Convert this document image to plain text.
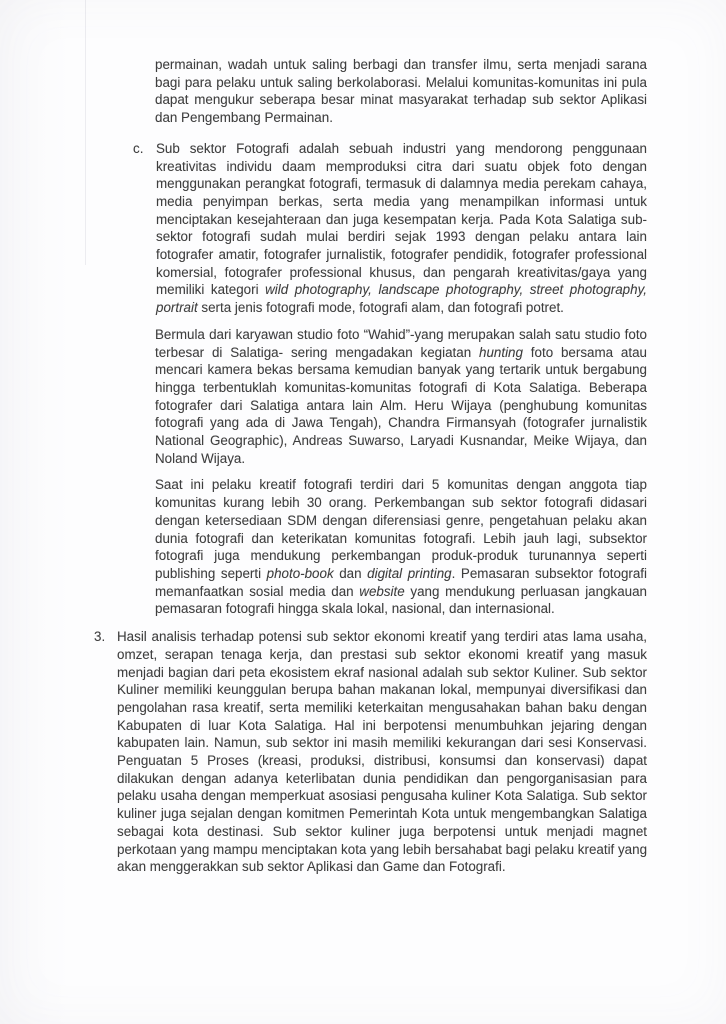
permainan, wadah untuk saling berbagi dan transfer ilmu, serta menjadi sarana bagi para pelaku untuk saling berkolaborasi. Melalui komunitas-komunitas ini pula dapat mengukur seberapa besar minat masyarakat terhadap sub sektor Aplikasi dan Pengembang Permainan.

c. Sub sektor Fotografi adalah sebuah industri yang mendorong penggunaan kreativitas individu daam memproduksi citra dari suatu objek foto dengan menggunakan perangkat fotografi, termasuk di dalamnya media perekam cahaya, media penyimpan berkas, serta media yang menampilkan informasi untuk menciptakan kesejahteraan dan juga kesempatan kerja. Pada Kota Salatiga sub-sektor fotografi sudah mulai berdiri sejak 1993 dengan pelaku antara lain fotografer amatir, fotografer jurnalistik, fotografer pendidik, fotografer professional komersial, fotografer professional khusus, dan pengarah kreativitas/gaya yang memiliki kategori wild photography, landscape photography, street photography, portrait serta jenis fotografi mode, fotografi alam, dan fotografi potret.

Bermula dari karyawan studio foto “Wahid”-yang merupakan salah satu studio foto terbesar di Salatiga- sering mengadakan kegiatan hunting foto bersama atau mencari kamera bekas bersama kemudian banyak yang tertarik untuk bergabung hingga terbentuklah komunitas-komunitas fotografi di Kota Salatiga. Beberapa fotografer dari Salatiga antara lain Alm. Heru Wijaya (penghubung komunitas fotografi yang ada di Jawa Tengah), Chandra Firmansyah (fotografer jurnalistik National Geographic), Andreas Suwarso, Laryadi Kusnandar, Meike Wijaya, dan Noland Wijaya.

Saat ini pelaku kreatif fotografi terdiri dari 5 komunitas dengan anggota tiap komunitas kurang lebih 30 orang. Perkembangan sub sektor fotografi didasari dengan ketersediaan SDM dengan diferensiasi genre, pengetahuan pelaku akan dunia fotografi dan keterikatan komunitas fotografi. Lebih jauh lagi, subsektor fotografi juga mendukung perkembangan produk-produk turunannya seperti publishing seperti photo-book dan digital printing. Pemasaran subsektor fotografi memanfaatkan sosial media dan website yang mendukung perluasan jangkauan pemasaran fotografi hingga skala lokal, nasional, dan internasional.

3. Hasil analisis terhadap potensi sub sektor ekonomi kreatif yang terdiri atas lama usaha, omzet, serapan tenaga kerja, dan prestasi sub sektor ekonomi kreatif yang masuk menjadi bagian dari peta ekosistem ekraf nasional adalah sub sektor Kuliner. Sub sektor Kuliner memiliki keunggulan berupa bahan makanan lokal, mempunyai diversifikasi dan pengolahan rasa kreatif, serta memiliki keterkaitan mengusahakan bahan baku dengan Kabupaten di luar Kota Salatiga. Hal ini berpotensi menumbuhkan jejaring dengan kabupaten lain. Namun, sub sektor ini masih memiliki kekurangan dari sesi Konservasi. Penguatan 5 Proses (kreasi, produksi, distribusi, konsumsi dan konservasi) dapat dilakukan dengan adanya keterlibatan dunia pendidikan dan pengorganisasian para pelaku usaha dengan memperkuat asosiasi pengusaha kuliner Kota Salatiga. Sub sektor kuliner juga sejalan dengan komitmen Pemerintah Kota untuk mengembangkan Salatiga sebagai kota destinasi. Sub sektor kuliner juga berpotensi untuk menjadi magnet perkotaan yang mampu menciptakan kota yang lebih bersahabat bagi pelaku kreatif yang akan menggerakkan sub sektor Aplikasi dan Game dan Fotografi.
